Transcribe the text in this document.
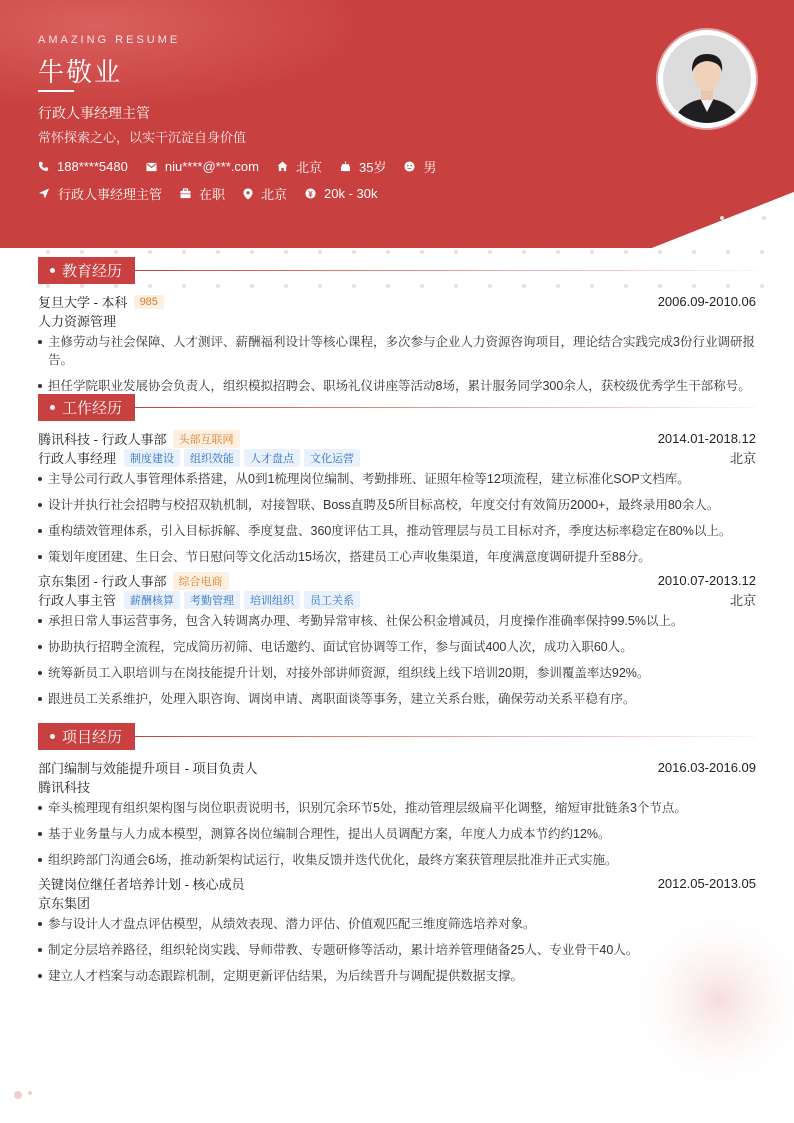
AMAZING RESUME
牛敬业
行政人事经理主管
常怀探索之心，以实干沉淀自身价值
188****5480	niu****@***.com	北京	35岁	男
行政人事经理主管	在职	北京	20k - 30k
教育经历
复旦大学 - 本科	985	2006.09-2010.06
人力资源管理
主修劳动与社会保障、人才测评、薪酬福利设计等核心课程，多次参与企业人力资源咨询项目，理论结合实践完成3份行业调研报告。
担任学院职业发展协会负责人，组织模拟招聘会、职场礼仪讲座等活动8场，累计服务同学300余人，获校级优秀学生干部称号。
工作经历
腾讯科技 - 行政人事部	头部互联网	2014.01-2018.12
行政人事经理	制度建设	组织效能	人才盘点	文化运营	北京
主导公司行政人事管理体系搭建，从0到1梳理岗位编制、考勤排班、证照年检等12项流程，建立标准化SOP文档库。
设计并执行社会招聘与校招双轨机制，对接智联、Boss直聘及5所目标高校，年度交付有效简历2000+，最终录用80余人。
重构绩效管理体系，引入目标拆解、季度复盘、360度评估工具，推动管理层与员工目标对齐，季度达标率稳定在80%以上。
策划年度团建、生日会、节日慰问等文化活动15场次，搭建员工心声收集渠道，年度满意度调研提升至88分。
京东集团 - 行政人事部	综合电商	2010.07-2013.12
行政人事主管	薪酬核算	考勤管理	培训组织	员工关系	北京
承担日常人事运营事务，包含入转调离办理、考勤异常审核、社保公积金增减员，月度操作准确率保持99.5%以上。
协助执行招聘全流程，完成简历初筛、电话邀约、面试官协调等工作，参与面试400人次，成功入职60人。
统筹新员工入职培训与在岗技能提升计划，对接外部讲师资源，组织线上线下培训20期，参训覆盖率达92%。
跟进员工关系维护，处理入职咨询、调岗申请、离职面谈等事务，建立关系台账，确保劳动关系平稳有序。
项目经历
部门编制与效能提升项目 - 项目负责人	2016.03-2016.09
腾讯科技
牵头梳理现有组织架构图与岗位职责说明书，识别冗余环节5处，推动管理层级扁平化调整，缩短审批链条3个节点。
基于业务量与人力成本模型，测算各岗位编制合理性，提出人员调配方案，年度人力成本节约约12%。
组织跨部门沟通会6场，推动新架构试运行，收集反馈并迭代优化，最终方案获管理层批准并正式实施。
关键岗位继任者培养计划 - 核心成员	2012.05-2013.05
京东集团
参与设计人才盘点评估模型，从绩效表现、潜力评估、价值观匹配三维度筛选培养对象。
制定分层培养路径，组织轮岗实践、导师带教、专题研修等活动，累计培养管理储备25人、专业骨干40人。
建立人才档案与动态跟踪机制，定期更新评估结果，为后续晋升与调配提供数据支撑。
